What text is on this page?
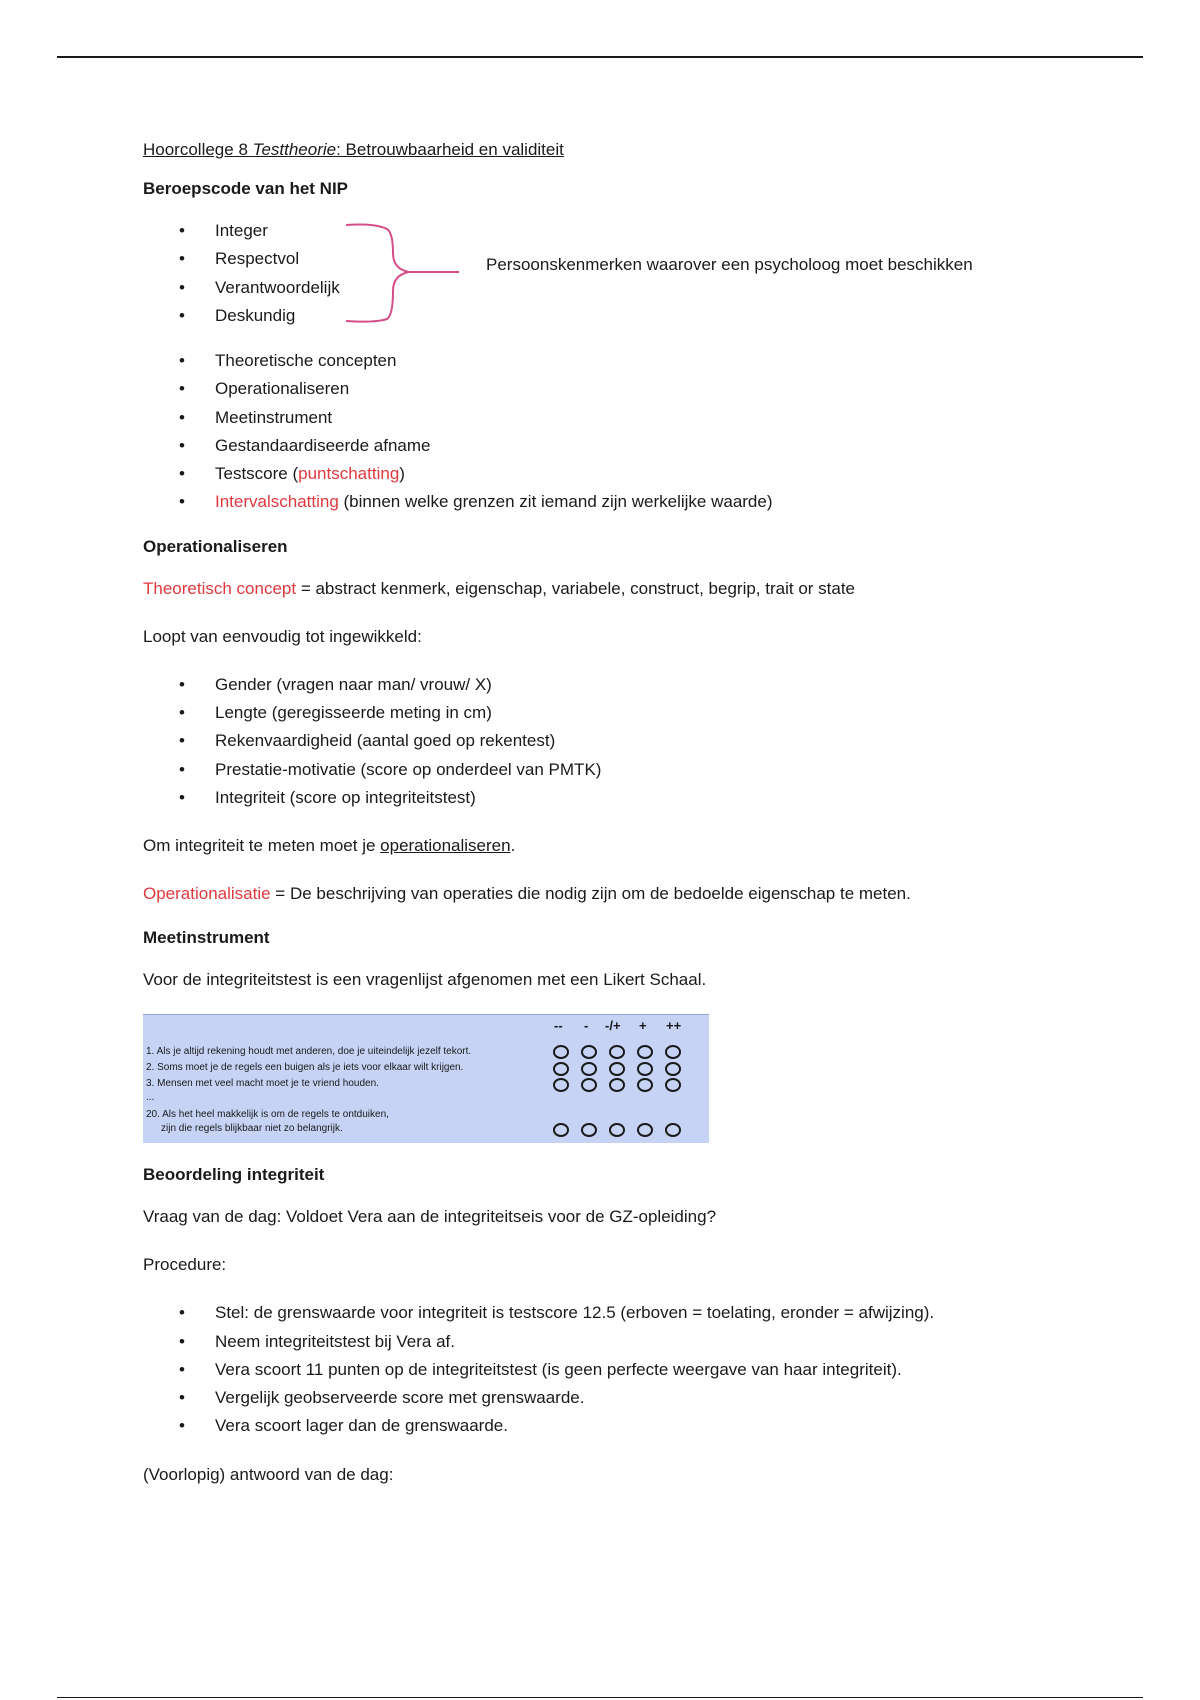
Hoorcollege 8 Testtheorie: Betrouwbaarheid en validiteit
Beroepscode van het NIP
• Integer
• Respectvol
• Verantwoordelijk
• Deskundig
Persoonskenmerken waarover een psycholoog moet beschikken
• Theoretische concepten
• Operationaliseren
• Meetinstrument
• Gestandaardiseerde afname
• Testscore (puntschatting)
• Intervalschatting (binnen welke grenzen zit iemand zijn werkelijke waarde)
Operationaliseren

Theoretisch concept = abstract kenmerk, eigenschap, variabele, construct, begrip, trait or state

Loopt van eenvoudig tot ingewikkeld:

• Gender (vragen naar man/ vrouw/ X)
• Lengte (geregisseerde meting in cm)
• Rekenvaardigheid (aantal goed op rekentest)
• Prestatie-motivatie (score op onderdeel van PMTK)
• Integriteit (score op integriteitstest)

Om integriteit te meten moet je operationaliseren.

Operationalisatie = De beschrijving van operaties die nodig zijn om de bedoelde eigenschap te meten.

Meetinstrument

Voor de integriteitstest is een vragenlijst afgenomen met een Likert Schaal.

-- - -/+ + ++
1. Als je altijd rekening houdt met anderen, doe je uiteindelijk jezelf tekort.
2. Soms moet je de regels een buigen als je iets voor elkaar wilt krijgen.
3. Mensen met veel macht moet je te vriend houden.
...
20. Als het heel makkelijk is om de regels te ontduiken,
zijn die regels blijkbaar niet zo belangrijk.
Beoordeling integriteit

Vraag van de dag: Voldoet Vera aan de integriteitseis voor de GZ-opleiding?

Procedure:

• Stel: de grenswaarde voor integriteit is testscore 12.5 (erboven = toelating, eronder = afwijzing).
• Neem integriteitstest bij Vera af.
• Vera scoort 11 punten op de integriteitstest (is geen perfecte weergave van haar integriteit).
• Vergelijk geobserveerde score met grenswaarde.
• Vera scoort lager dan de grenswaarde.

(Voorlopig) antwoord van de dag:
